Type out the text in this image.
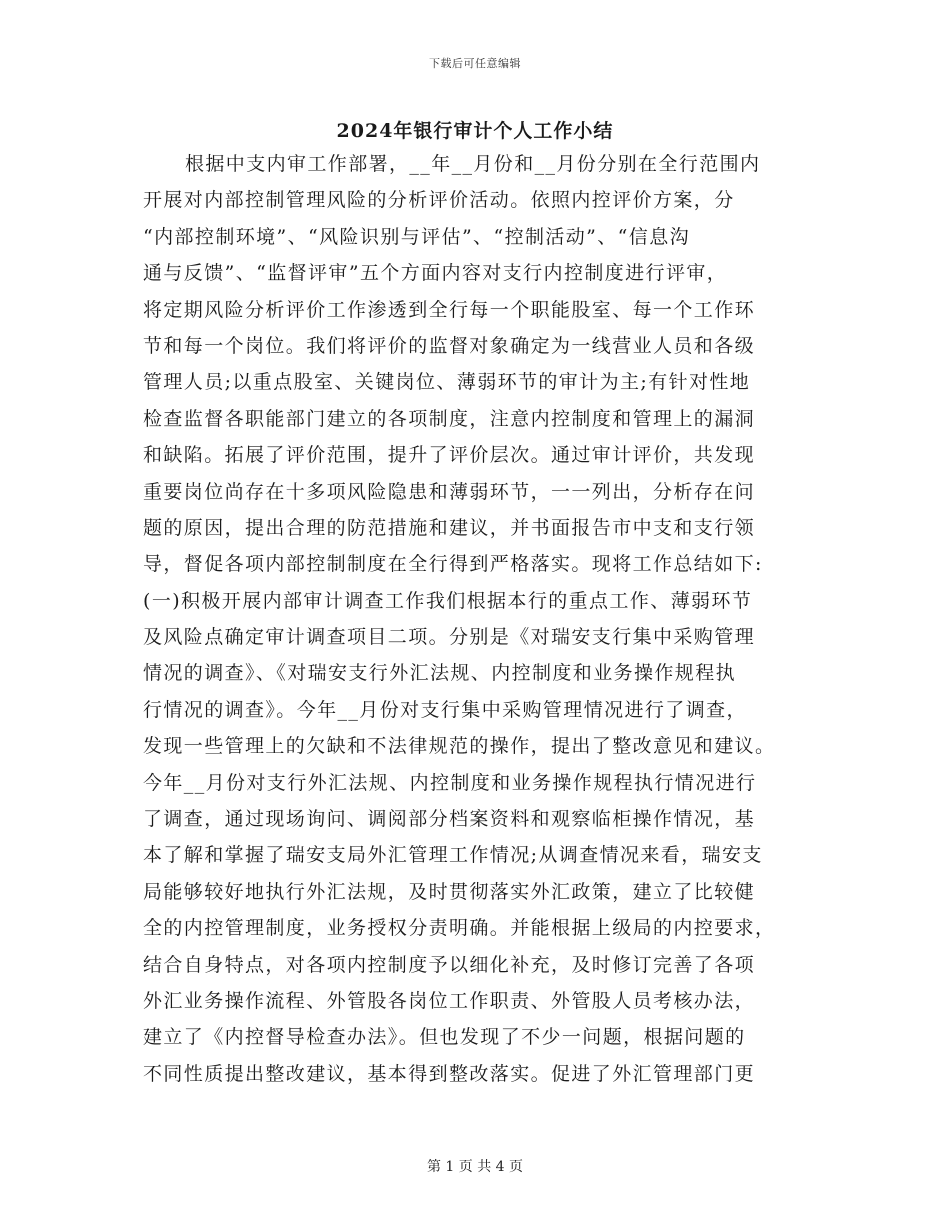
下载后可任意编辑
2024年银行审计个人工作小结
根据中支内审工作部署，__年__月份和__月份分别在全行范围内
开展对内部控制管理风险的分析评价活动。依照内控评价方案，分
“内部控制环境”、“风险识别与评估”、“控制活动”、“信息沟
通与反馈”、“监督评审”五个方面内容对支行内控制度进行评审，
将定期风险分析评价工作渗透到全行每一个职能股室、每一个工作环
节和每一个岗位。我们将评价的监督对象确定为一线营业人员和各级
管理人员;以重点股室、关键岗位、薄弱环节的审计为主;有针对性地
检查监督各职能部门建立的各项制度，注意内控制度和管理上的漏洞
和缺陷。拓展了评价范围，提升了评价层次。通过审计评价，共发现
重要岗位尚存在十多项风险隐患和薄弱环节，一一列出，分析存在问
题的原因，提出合理的防范措施和建议，并书面报告市中支和支行领
导，督促各项内部控制制度在全行得到严格落实。现将工作总结如下:
(一)积极开展内部审计调查工作我们根据本行的重点工作、薄弱环节
及风险点确定审计调查项目二项。分别是《对瑞安支行集中采购管理
情况的调查》、《对瑞安支行外汇法规、内控制度和业务操作规程执
行情况的调查》。今年__月份对支行集中采购管理情况进行了调查，
发现一些管理上的欠缺和不法律规范的操作，提出了整改意见和建议。
今年__月份对支行外汇法规、内控制度和业务操作规程执行情况进行
了调查，通过现场询问、调阅部分档案资料和观察临柜操作情况，基
本了解和掌握了瑞安支局外汇管理工作情况;从调查情况来看，瑞安支
局能够较好地执行外汇法规，及时贯彻落实外汇政策，建立了比较健
全的内控管理制度，业务授权分责明确。并能根据上级局的内控要求，
结合自身特点，对各项内控制度予以细化补充，及时修订完善了各项
外汇业务操作流程、外管股各岗位工作职责、外管股人员考核办法，
建立了《内控督导检查办法》。但也发现了不少一问题，根据问题的
不同性质提出整改建议，基本得到整改落实。促进了外汇管理部门更
第 1 页 共 4 页
